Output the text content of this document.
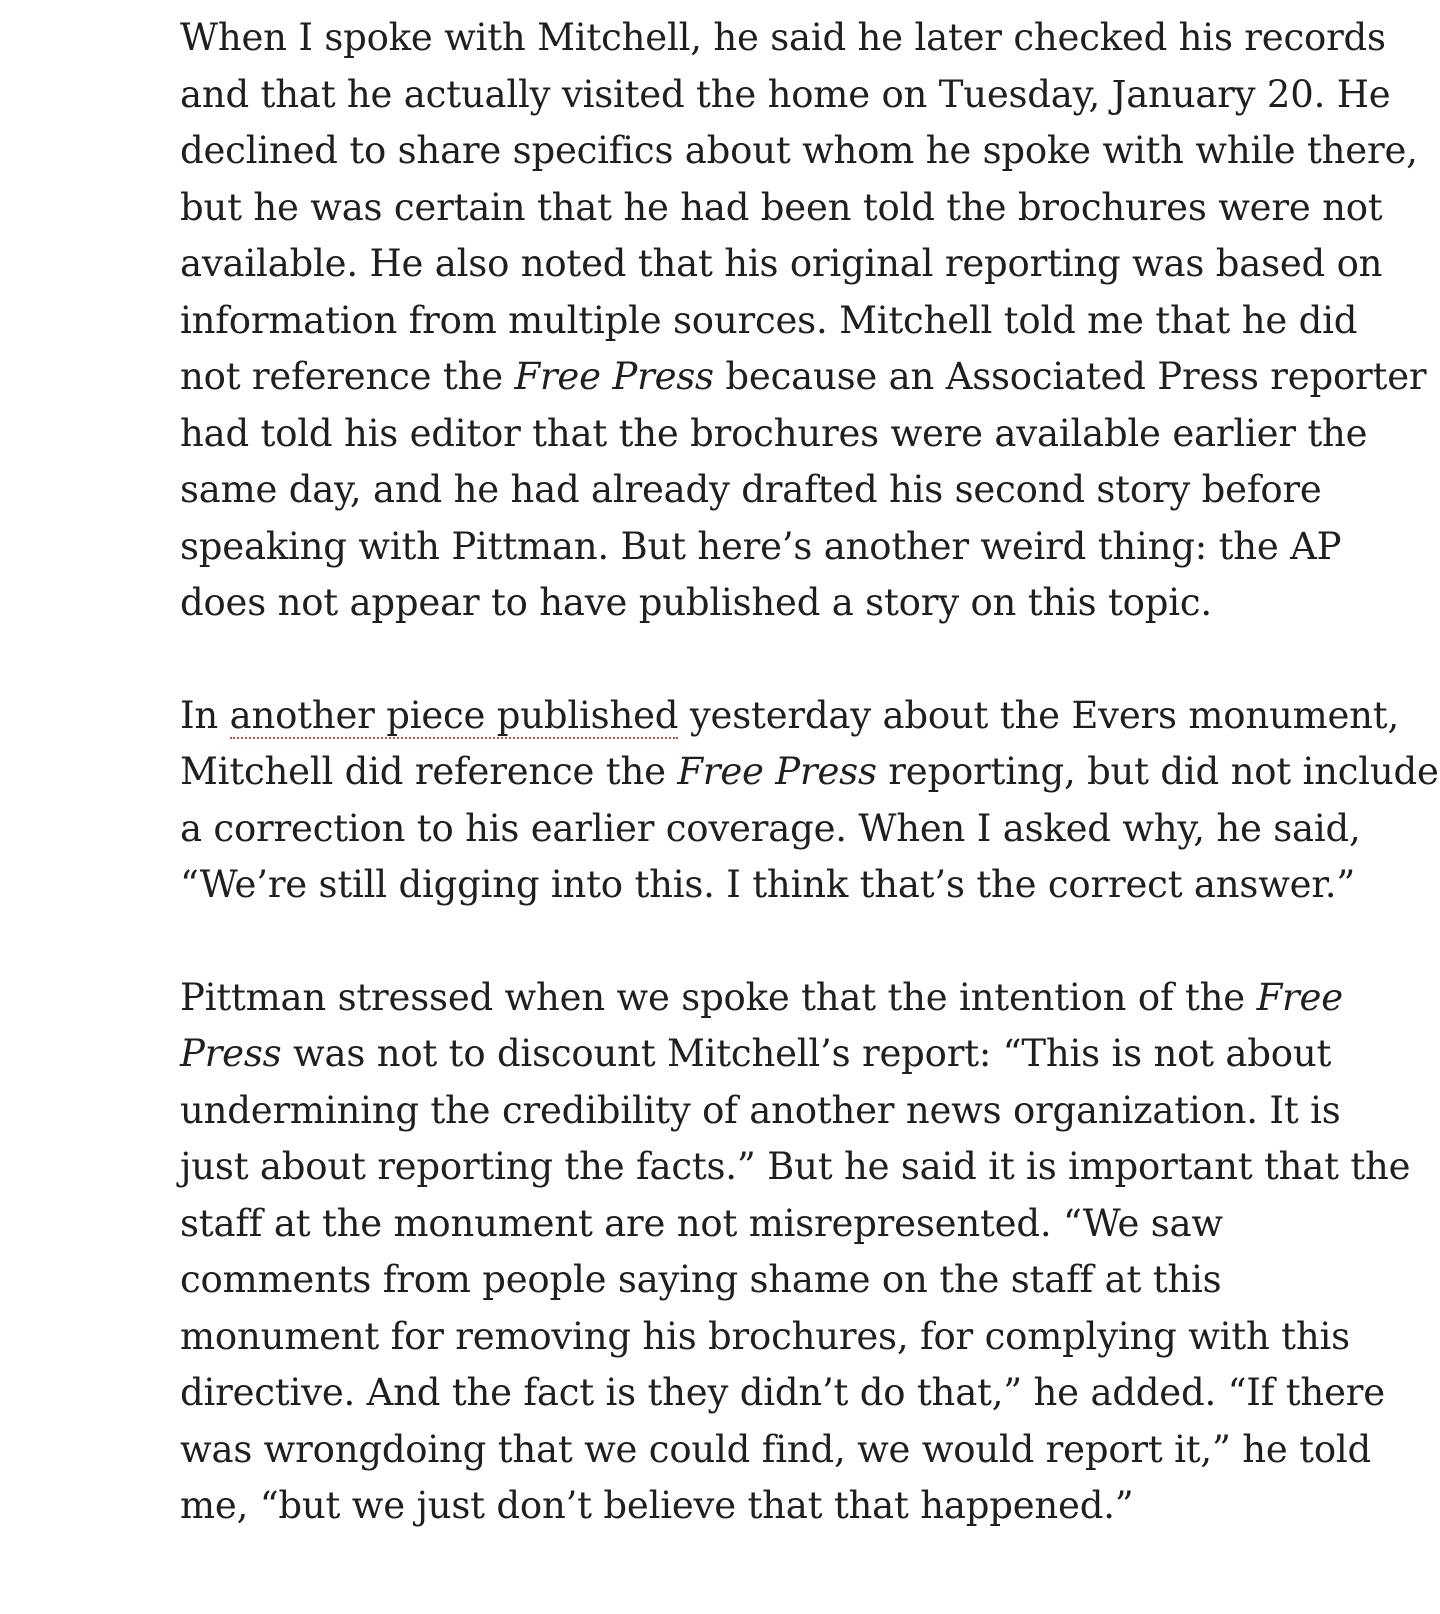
When I spoke with Mitchell, he said he later checked his records
and that he actually visited the home on Tuesday, January 20. He
declined to share specifics about whom he spoke with while there,
but he was certain that he had been told the brochures were not
available. He also noted that his original reporting was based on
information from multiple sources. Mitchell told me that he did
not reference the Free Press because an Associated Press reporter
had told his editor that the brochures were available earlier the
same day, and he had already drafted his second story before
speaking with Pittman. But here’s another weird thing: the AP
does not appear to have published a story on this topic.

In another piece published yesterday about the Evers monument,
Mitchell did reference the Free Press reporting, but did not include
a correction to his earlier coverage. When I asked why, he said,
“We’re still digging into this. I think that’s the correct answer.”

Pittman stressed when we spoke that the intention of the Free
Press was not to discount Mitchell’s report: “This is not about
undermining the credibility of another news organization. It is
just about reporting the facts.” But he said it is important that the
staff at the monument are not misrepresented. “We saw
comments from people saying shame on the staff at this
monument for removing his brochures, for complying with this
directive. And the fact is they didn’t do that,” he added. “If there
was wrongdoing that we could find, we would report it,” he told
me, “but we just don’t believe that that happened.”
